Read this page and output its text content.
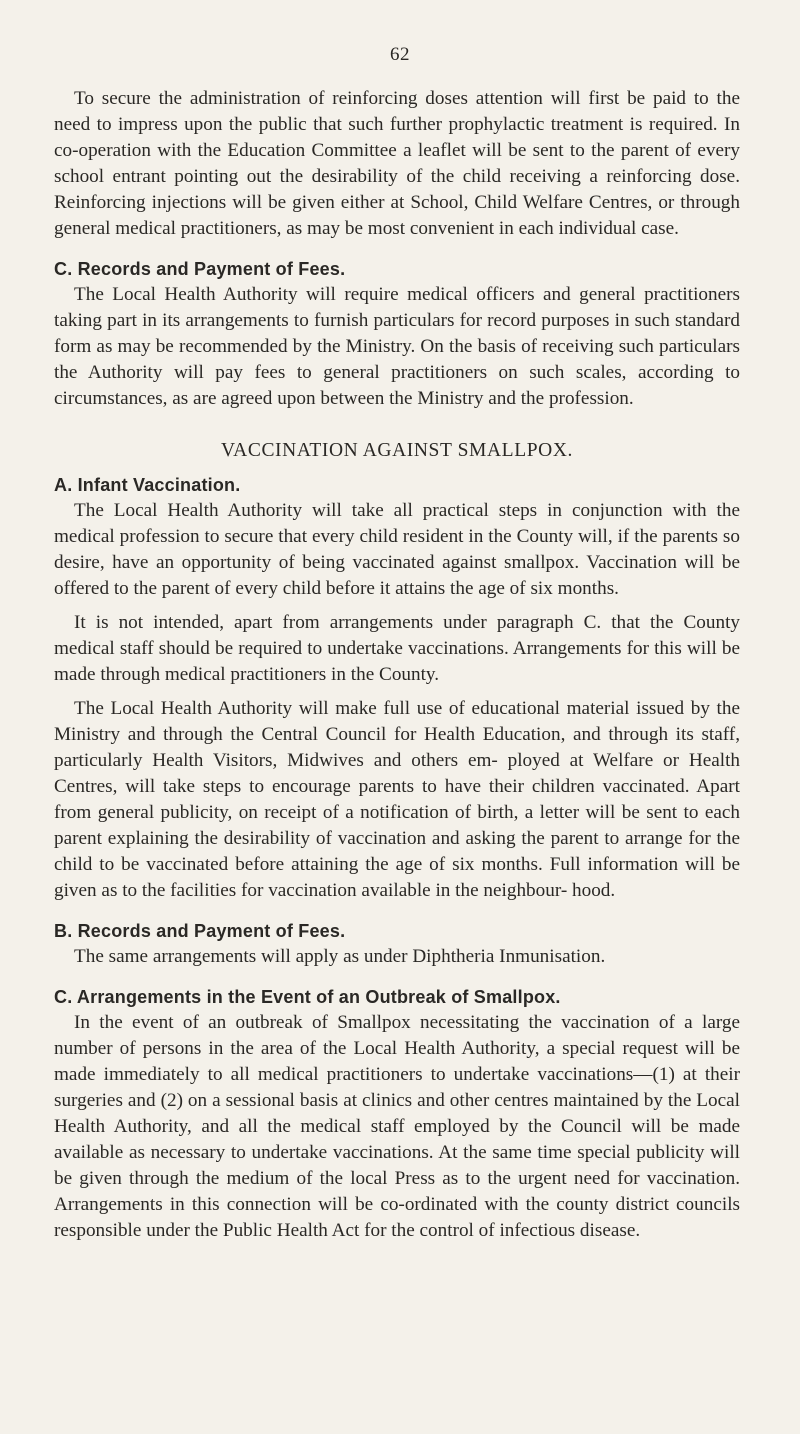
62

To secure the administration of reinforcing doses attention will first be paid to the need to impress upon the public that such further prophylactic treatment is required. In co-operation with the Education Committee a leaflet will be sent to the parent of every school entrant pointing out the desirability of the child receiving a reinforcing dose. Reinforcing injections will be given either at School, Child Welfare Centres, or through general medical practitioners, as may be most convenient in each individual case.

C. Records and Payment of Fees.

The Local Health Authority will require medical officers and general practitioners taking part in its arrangements to furnish particulars for record purposes in such standard form as may be recommended by the Ministry. On the basis of receiving such particulars the Authority will pay fees to general practitioners on such scales, according to circumstances, as are agreed upon between the Ministry and the profession.

VACCINATION AGAINST SMALLPOX.
A. Infant Vaccination.

The Local Health Authority will take all practical steps in conjunction with the medical profession to secure that every child resident in the County will, if the parents so desire, have an opportunity of being vaccinated against smallpox. Vaccination will be offered to the parent of every child before it attains the age of six months.

It is not intended, apart from arrangements under paragraph C. that the County medical staff should be required to undertake vaccinations. Arrangements for this will be made through medical practitioners in the County.

The Local Health Authority will make full use of educational material issued by the Ministry and through the Central Council for Health Education, and through its staff, particularly Health Visitors, Midwives and others em- ployed at Welfare or Health Centres, will take steps to encourage parents to have their children vaccinated. Apart from general publicity, on receipt of a notification of birth, a letter will be sent to each parent explaining the desirability of vaccination and asking the parent to arrange for the child to be vaccinated before attaining the age of six months. Full information will be given as to the facilities for vaccination available in the neighbour- hood.

B. Records and Payment of Fees.

The same arrangements will apply as under Diphtheria Inmunisation.

C. Arrangements in the Event of an Outbreak of Smallpox.

In the event of an outbreak of Smallpox necessitating the vaccination of a large number of persons in the area of the Local Health Authority, a special request will be made immediately to all medical practitioners to undertake vaccinations—(1) at their surgeries and (2) on a sessional basis at clinics and other centres maintained by the Local Health Authority, and all the medical staff employed by the Council will be made available as necessary to undertake vaccinations. At the same time special publicity will be given through the medium of the local Press as to the urgent need for vaccination. Arrangements in this connection will be co-ordinated with the county district councils responsible under the Public Health Act for the control of infectious disease.
